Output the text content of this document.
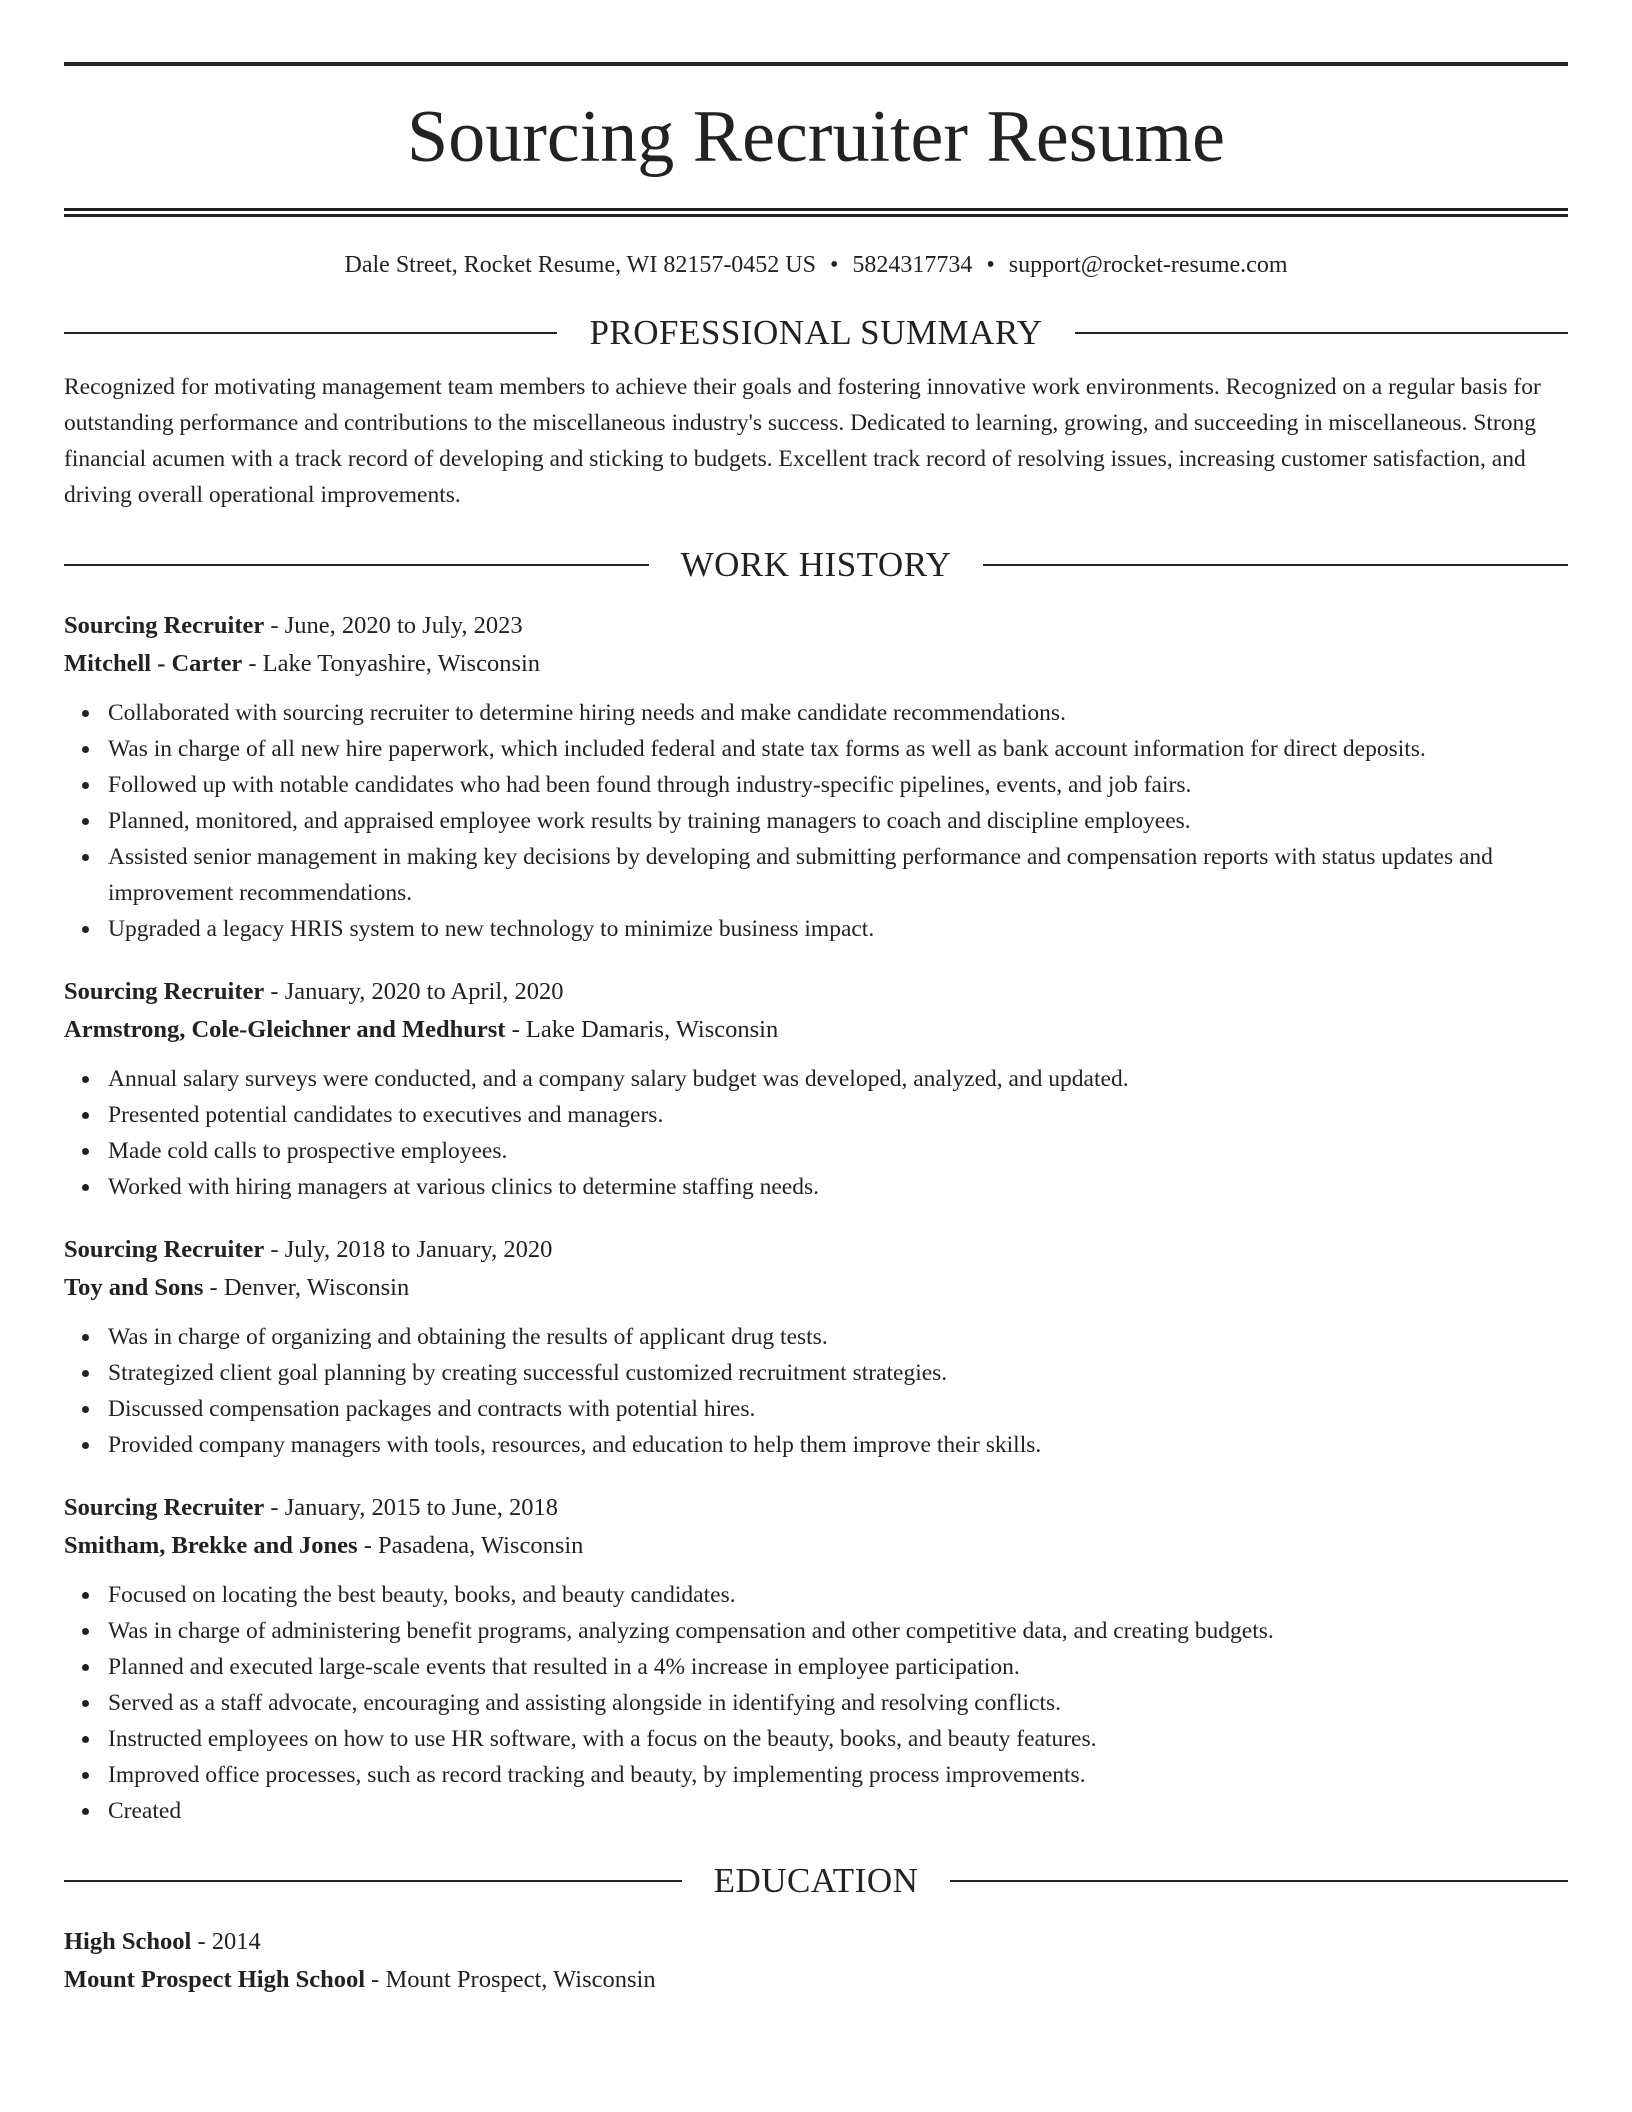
Sourcing Recruiter Resume
Dale Street, Rocket Resume, WI 82157-0452 US • 5824317734 • support@rocket-resume.com
PROFESSIONAL SUMMARY

Recognized for motivating management team members to achieve their goals and fostering innovative work environments. Recognized on a regular basis for outstanding performance and contributions to the miscellaneous industry's success. Dedicated to learning, growing, and succeeding in miscellaneous. Strong financial acumen with a track record of developing and sticking to budgets. Excellent track record of resolving issues, increasing customer satisfaction, and driving overall operational improvements.

WORK HISTORY
Sourcing Recruiter - June, 2020 to July, 2023
Mitchell - Carter - Lake Tonyashire, Wisconsin
Collaborated with sourcing recruiter to determine hiring needs and make candidate recommendations.
Was in charge of all new hire paperwork, which included federal and state tax forms as well as bank account information for direct deposits.
Followed up with notable candidates who had been found through industry-specific pipelines, events, and job fairs.
Planned, monitored, and appraised employee work results by training managers to coach and discipline employees.
Assisted senior management in making key decisions by developing and submitting performance and compensation reports with status updates and improvement recommendations.
Upgraded a legacy HRIS system to new technology to minimize business impact.
Sourcing Recruiter - January, 2020 to April, 2020
Armstrong, Cole-Gleichner and Medhurst - Lake Damaris, Wisconsin
Annual salary surveys were conducted, and a company salary budget was developed, analyzed, and updated.
Presented potential candidates to executives and managers.
Made cold calls to prospective employees.
Worked with hiring managers at various clinics to determine staffing needs.
Sourcing Recruiter - July, 2018 to January, 2020
Toy and Sons - Denver, Wisconsin
Was in charge of organizing and obtaining the results of applicant drug tests.
Strategized client goal planning by creating successful customized recruitment strategies.
Discussed compensation packages and contracts with potential hires.
Provided company managers with tools, resources, and education to help them improve their skills.
Sourcing Recruiter - January, 2015 to June, 2018
Smitham, Brekke and Jones - Pasadena, Wisconsin
Focused on locating the best beauty, books, and beauty candidates.
Was in charge of administering benefit programs, analyzing compensation and other competitive data, and creating budgets.
Planned and executed large-scale events that resulted in a 4% increase in employee participation.
Served as a staff advocate, encouraging and assisting alongside in identifying and resolving conflicts.
Instructed employees on how to use HR software, with a focus on the beauty, books, and beauty features.
Improved office processes, such as record tracking and beauty, by implementing process improvements.
Created
EDUCATION
High School - 2014
Mount Prospect High School - Mount Prospect, Wisconsin
